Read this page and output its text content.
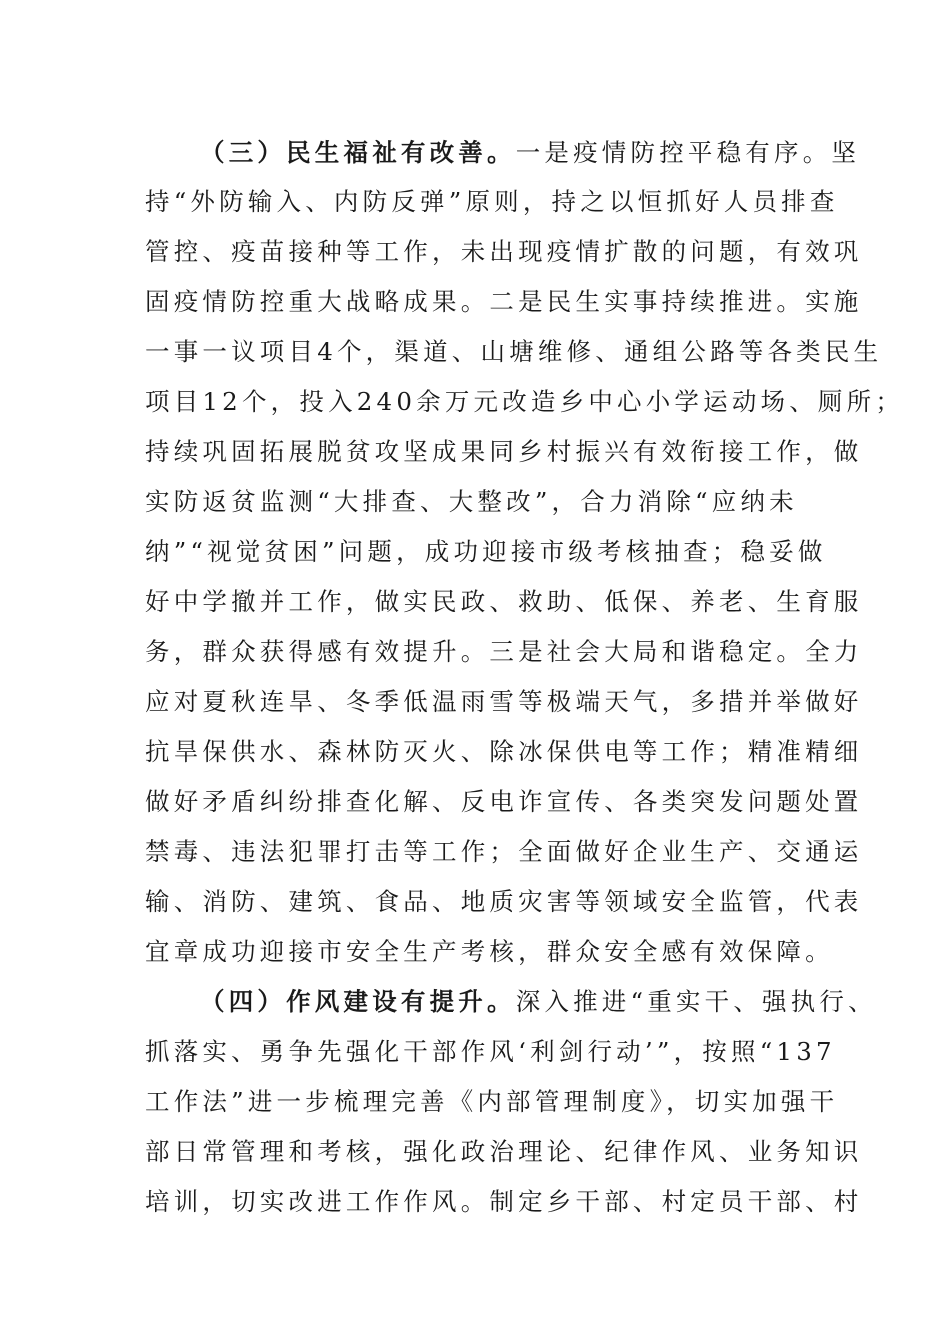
（三）民生福祉有改善。一是疫情防控平稳有序。坚
持“外防输入、内防反弹”原则，持之以恒抓好人员排查
管控、疫苗接种等工作，未出现疫情扩散的问题，有效巩
固疫情防控重大战略成果。二是民生实事持续推进。实施
一事一议项目4个，渠道、山塘维修、通组公路等各类民生
项目12个，投入240余万元改造乡中心小学运动场、厕所；
持续巩固拓展脱贫攻坚成果同乡村振兴有效衔接工作，做
实防返贫监测“大排查、大整改”，合力消除“应纳未
纳”“视觉贫困”问题，成功迎接市级考核抽查；稳妥做
好中学撤并工作，做实民政、救助、低保、养老、生育服
务，群众获得感有效提升。三是社会大局和谐稳定。全力
应对夏秋连旱、冬季低温雨雪等极端天气，多措并举做好
抗旱保供水、森林防灭火、除冰保供电等工作；精准精细
做好矛盾纠纷排查化解、反电诈宣传、各类突发问题处置
禁毒、违法犯罪打击等工作；全面做好企业生产、交通运
输、消防、建筑、食品、地质灾害等领域安全监管，代表
宜章成功迎接市安全生产考核，群众安全感有效保障。
（四）作风建设有提升。深入推进“重实干、强执行、
抓落实、勇争先强化干部作风‘利剑行动’”，按照“137
工作法”进一步梳理完善《内部管理制度》，切实加强干
部日常管理和考核，强化政治理论、纪律作风、业务知识
培训，切实改进工作作风。制定乡干部、村定员干部、村
